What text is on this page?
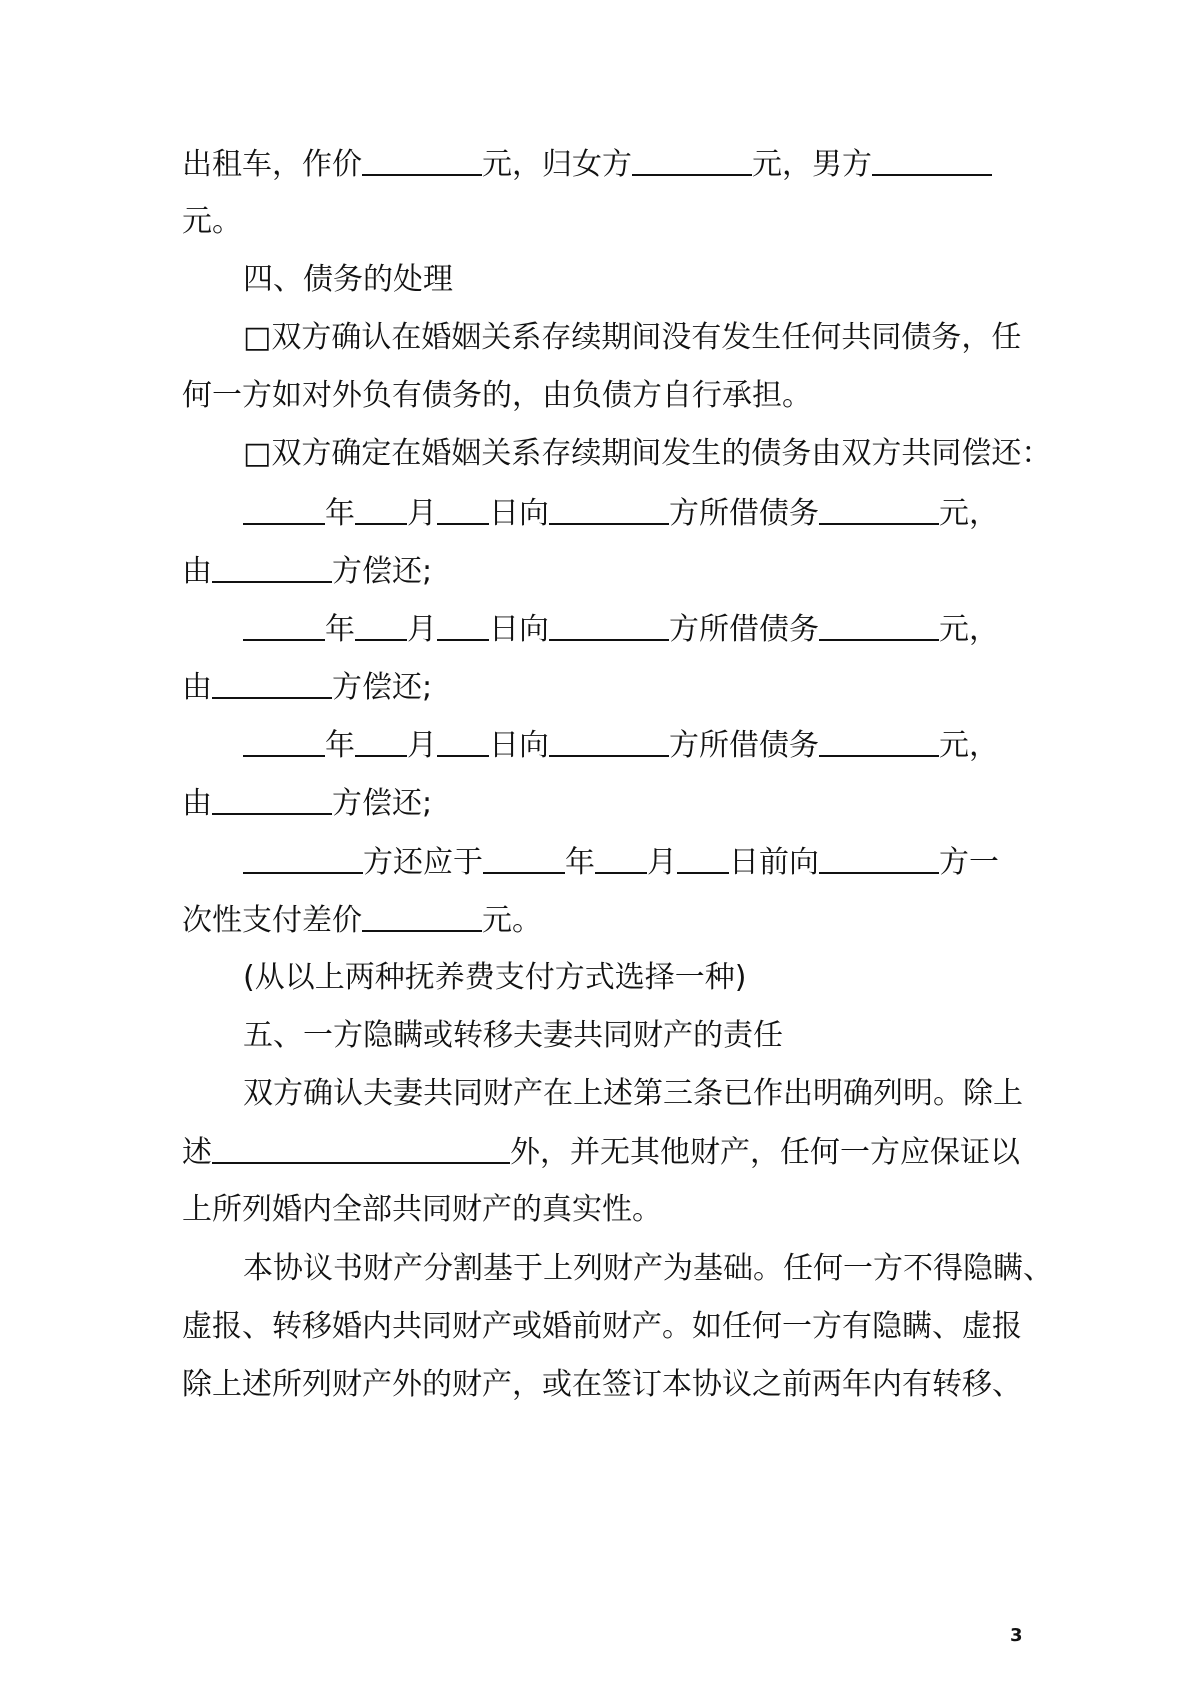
出租车，作价	元，归女方	元，男方
元。
四、债务的处理
□双方确认在婚姻关系存续期间没有发生任何共同债务，任
何一方如对外负有债务的，由负债方自行承担。
□双方确定在婚姻关系存续期间发生的债务由双方共同偿还：
年 月 日向	方所借债务	元，
由	方偿还;
年 月 日向	方所借债务	元，
由	方偿还;
年 月 日向	方所借债务	元，
由	方偿还;
方还应于	年 月 日前向	方一
次性支付差价	元。
(从以上两种抚养费支付方式选择一种)
五、一方隐瞒或转移夫妻共同财产的责任
双方确认夫妻共同财产在上述第三条已作出明确列明。除上
述	外，并无其他财产，任何一方应保证以
上所列婚内全部共同财产的真实性。
本协议书财产分割基于上列财产为基础。任何一方不得隐瞒、
虚报、转移婚内共同财产或婚前财产。如任何一方有隐瞒、虚报
除上述所列财产外的财产，或在签订本协议之前两年内有转移、
3
